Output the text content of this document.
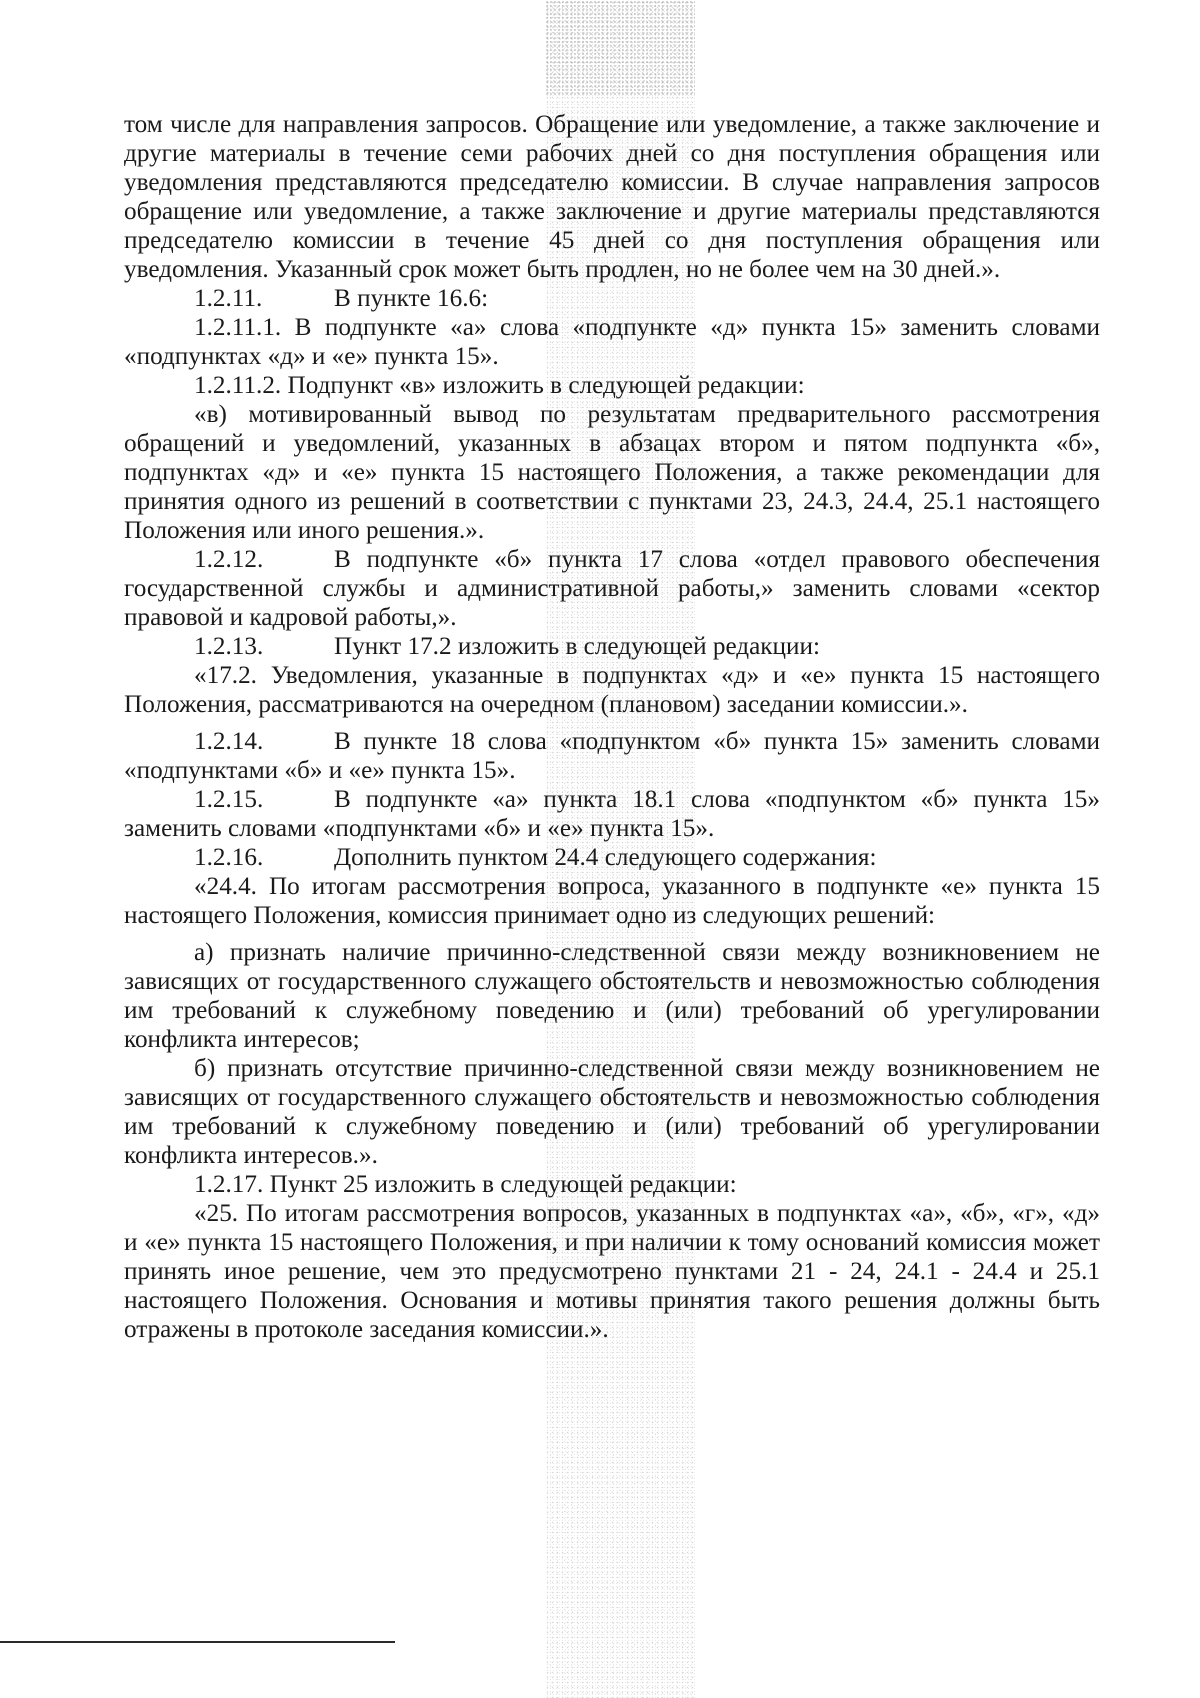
том числе для направления запросов. Обращение или уведомление, а также заключение и другие материалы в течение семи рабочих дней со дня поступления обращения или уведомления представляются председателю комиссии. В случае направления запросов обращение или уведомление, а также заключение и другие материалы представляются председателю комиссии в течение 45 дней со дня поступления обращения или уведомления. Указанный срок может быть продлен, но не более чем на 30 дней.».

1.2.11.	В пункте 16.6:

1.2.11.1. В подпункте «а» слова «подпункте «д» пункта 15» заменить словами «подпунктах «д» и «е» пункта 15».

1.2.11.2. Подпункт «в» изложить в следующей редакции:

«в) мотивированный вывод по результатам предварительного рассмотрения обращений и уведомлений, указанных в абзацах втором и пятом подпункта «б», подпунктах «д» и «е» пункта 15 настоящего Положения, а также рекомендации для принятия одного из решений в соответствии с пунктами 23, 24.3, 24.4, 25.1 настоящего Положения или иного решения.».

1.2.12.	В подпункте «б» пункта 17 слова «отдел правового обеспечения государственной службы и административной работы,» заменить словами «сектор правовой и кадровой работы,».

1.2.13.	Пункт 17.2 изложить в следующей редакции:

«17.2. Уведомления, указанные в подпунктах «д» и «е» пункта 15 настоящего Положения, рассматриваются на очередном (плановом) заседании комиссии.».

1.2.14.	В пункте 18 слова «подпунктом «б» пункта 15» заменить словами «подпунктами «б» и «е» пункта 15».

1.2.15.	В подпункте «а» пункта 18.1 слова «подпунктом «б» пункта 15» заменить словами «подпунктами «б» и «е» пункта 15».

1.2.16.	Дополнить пунктом 24.4 следующего содержания:

«24.4. По итогам рассмотрения вопроса, указанного в подпункте «е» пункта 15 настоящего Положения, комиссия принимает одно из следующих решений:

а) признать наличие причинно-следственной связи между возникновением не зависящих от государственного служащего обстоятельств и невозможностью соблюдения им требований к служебному поведению и (или) требований об урегулировании конфликта интересов;

б) признать отсутствие причинно-следственной связи между возникновением не зависящих от государственного служащего обстоятельств и невозможностью соблюдения им требований к служебному поведению и (или) требований об урегулировании конфликта интересов.».

1.2.17. Пункт 25 изложить в следующей редакции:

«25. По итогам рассмотрения вопросов, указанных в подпунктах «а», «б», «г», «д» и «е» пункта 15 настоящего Положения, и при наличии к тому оснований комиссия может принять иное решение, чем это предусмотрено пунктами 21 - 24, 24.1 - 24.4 и 25.1 настоящего Положения. Основания и мотивы принятия такого решения должны быть отражены в протоколе заседания комиссии.».
